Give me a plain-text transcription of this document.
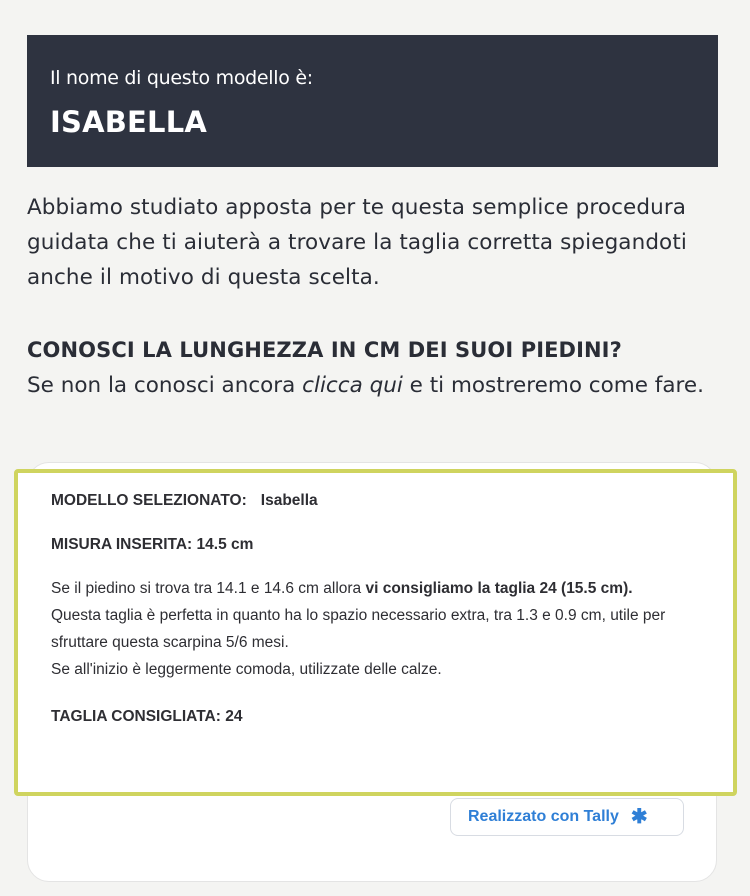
Il nome di questo modello è:
ISABELLA
Abbiamo studiato apposta per te questa semplice procedura guidata che ti aiuterà a trovare la taglia corretta spiegandoti anche il motivo di questa scelta.
CONOSCI LA LUNGHEZZA IN CM DEI SUOI PIEDINI?
Se non la conosci ancora clicca qui e ti mostreremo come fare.
MODELLO SELEZIONATO: Isabella
MISURA INSERITA: 14.5 cm
Se il piedino si trova tra 14.1 e 14.6 cm allora vi consigliamo la taglia 24 (15.5 cm).
Questa taglia è perfetta in quanto ha lo spazio necessario extra, tra 1.3 e 0.9 cm, utile per sfruttare questa scarpina 5/6 mesi.
Se all'inizio è leggermente comoda, utilizzate delle calze.
TAGLIA CONSIGLIATA: 24
Realizzato con Tally ✱
